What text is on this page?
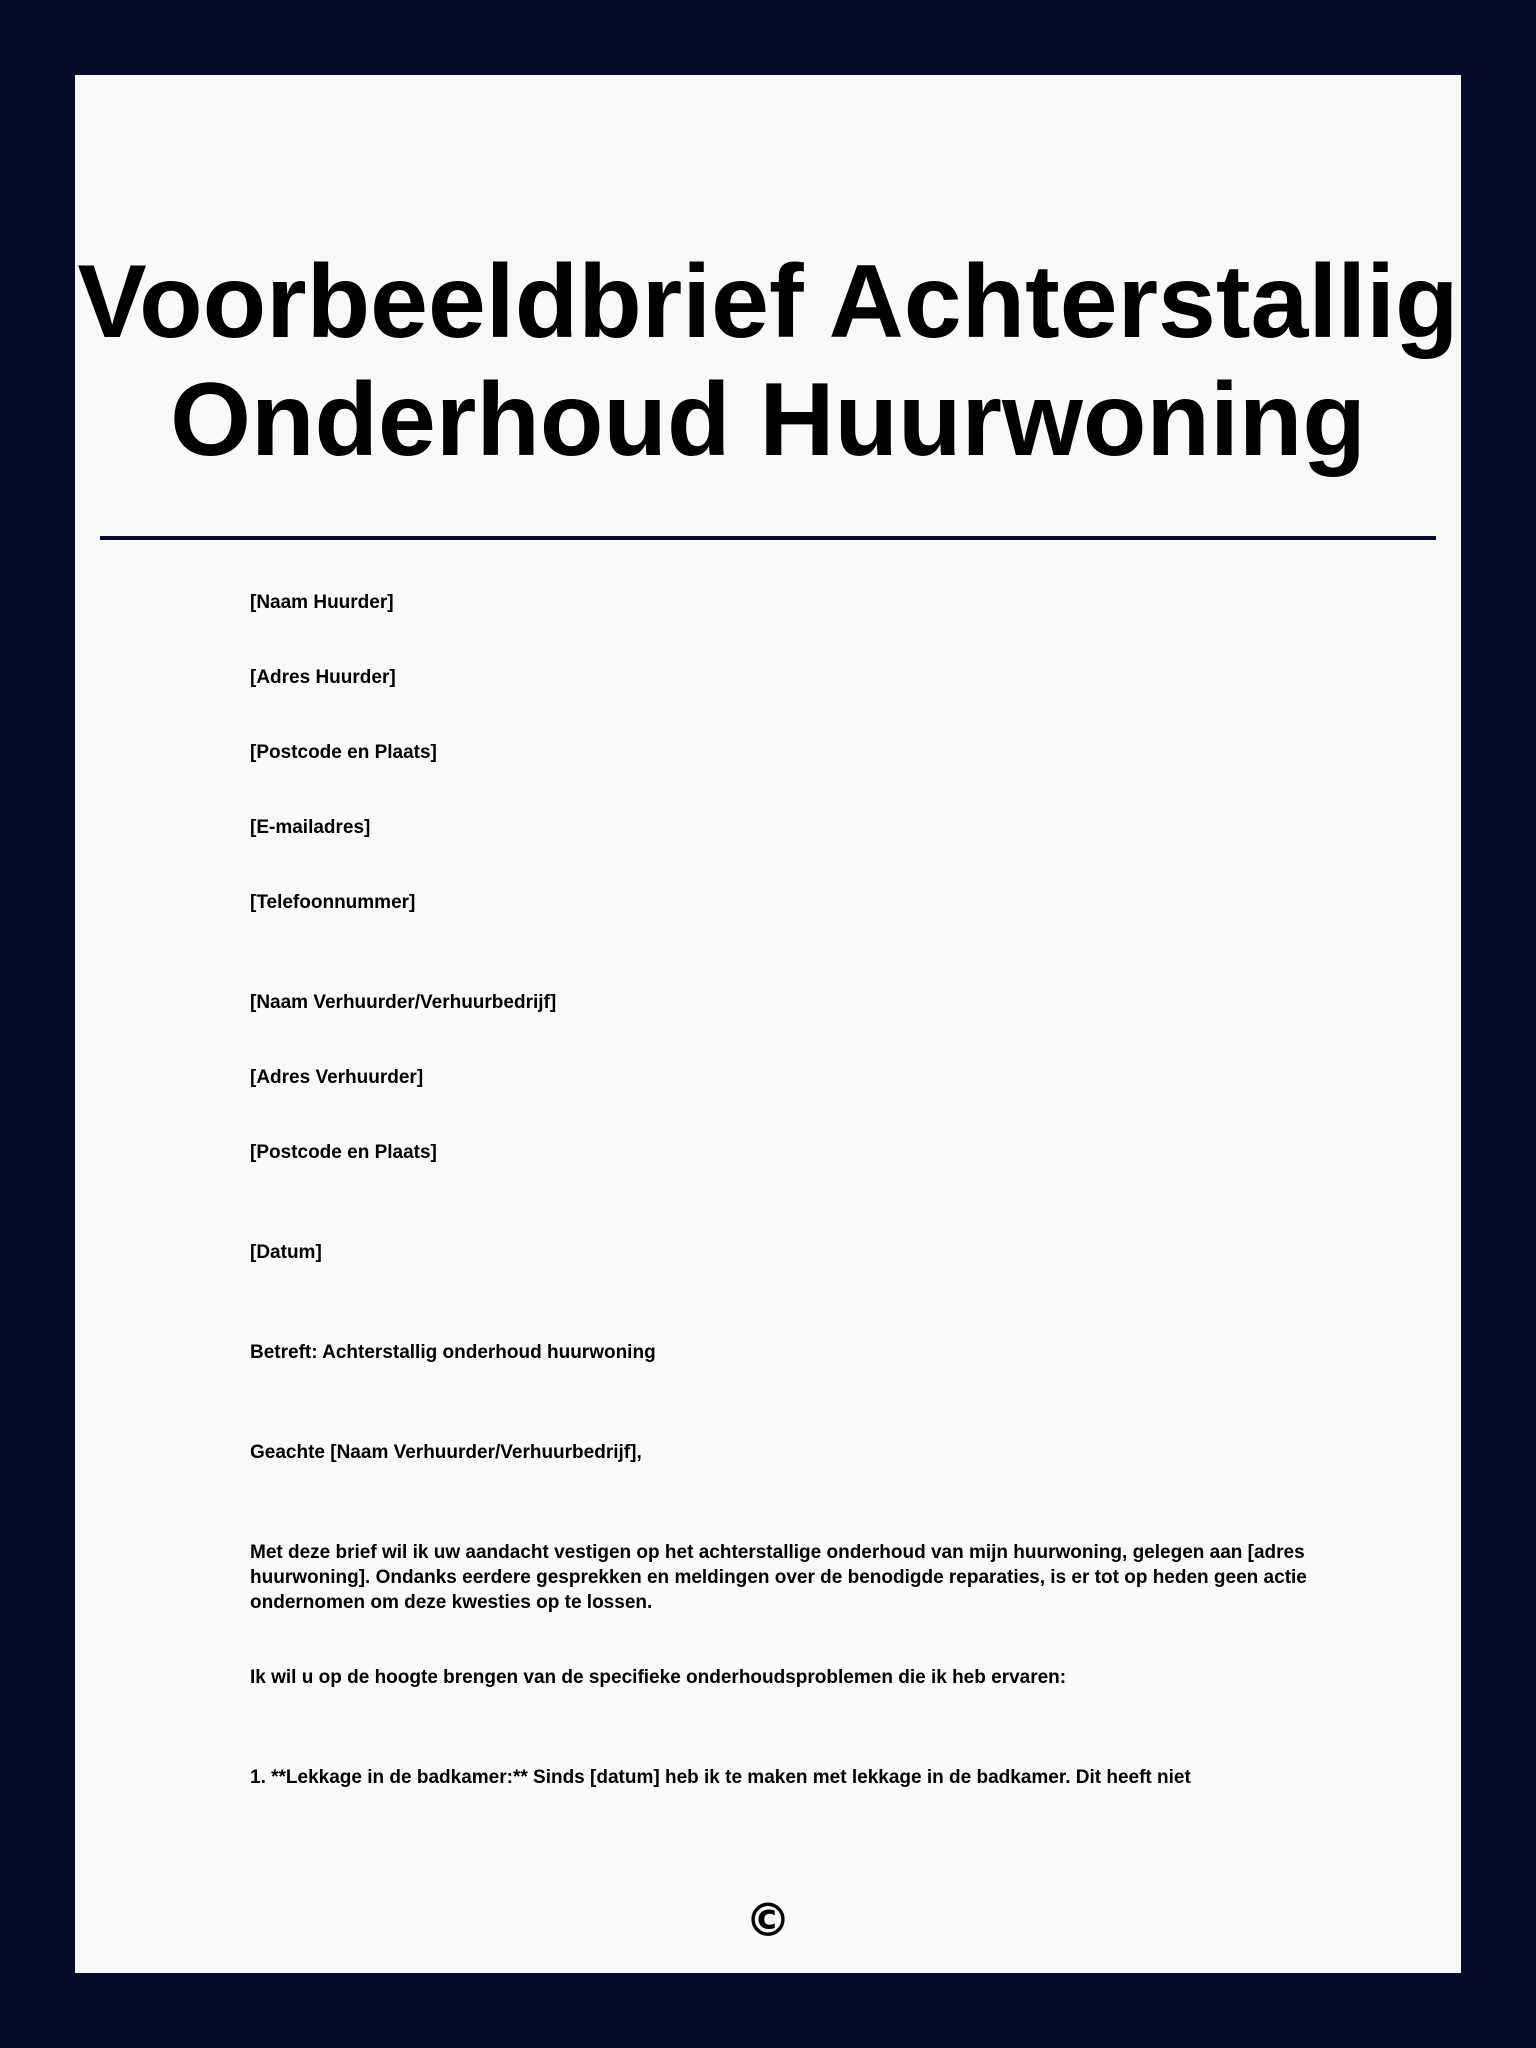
Voorbeeldbrief Achterstallig Onderhoud Huurwoning

[Naam Huurder]

[Adres Huurder]

[Postcode en Plaats]

[E-mailadres]

[Telefoonnummer]

[Naam Verhuurder/Verhuurbedrijf]

[Adres Verhuurder]

[Postcode en Plaats]

[Datum]

Betreft: Achterstallig onderhoud huurwoning

Geachte [Naam Verhuurder/Verhuurbedrijf],

Met deze brief wil ik uw aandacht vestigen op het achterstallige onderhoud van mijn huurwoning, gelegen aan [adres huurwoning]. Ondanks eerdere gesprekken en meldingen over de benodigde reparaties, is er tot op heden geen actie ondernomen om deze kwesties op te lossen.

Ik wil u op de hoogte brengen van de specifieke onderhoudsproblemen die ik heb ervaren:

1. **Lekkage in de badkamer:** Sinds [datum] heb ik te maken met lekkage in de badkamer. Dit heeft niet

©
